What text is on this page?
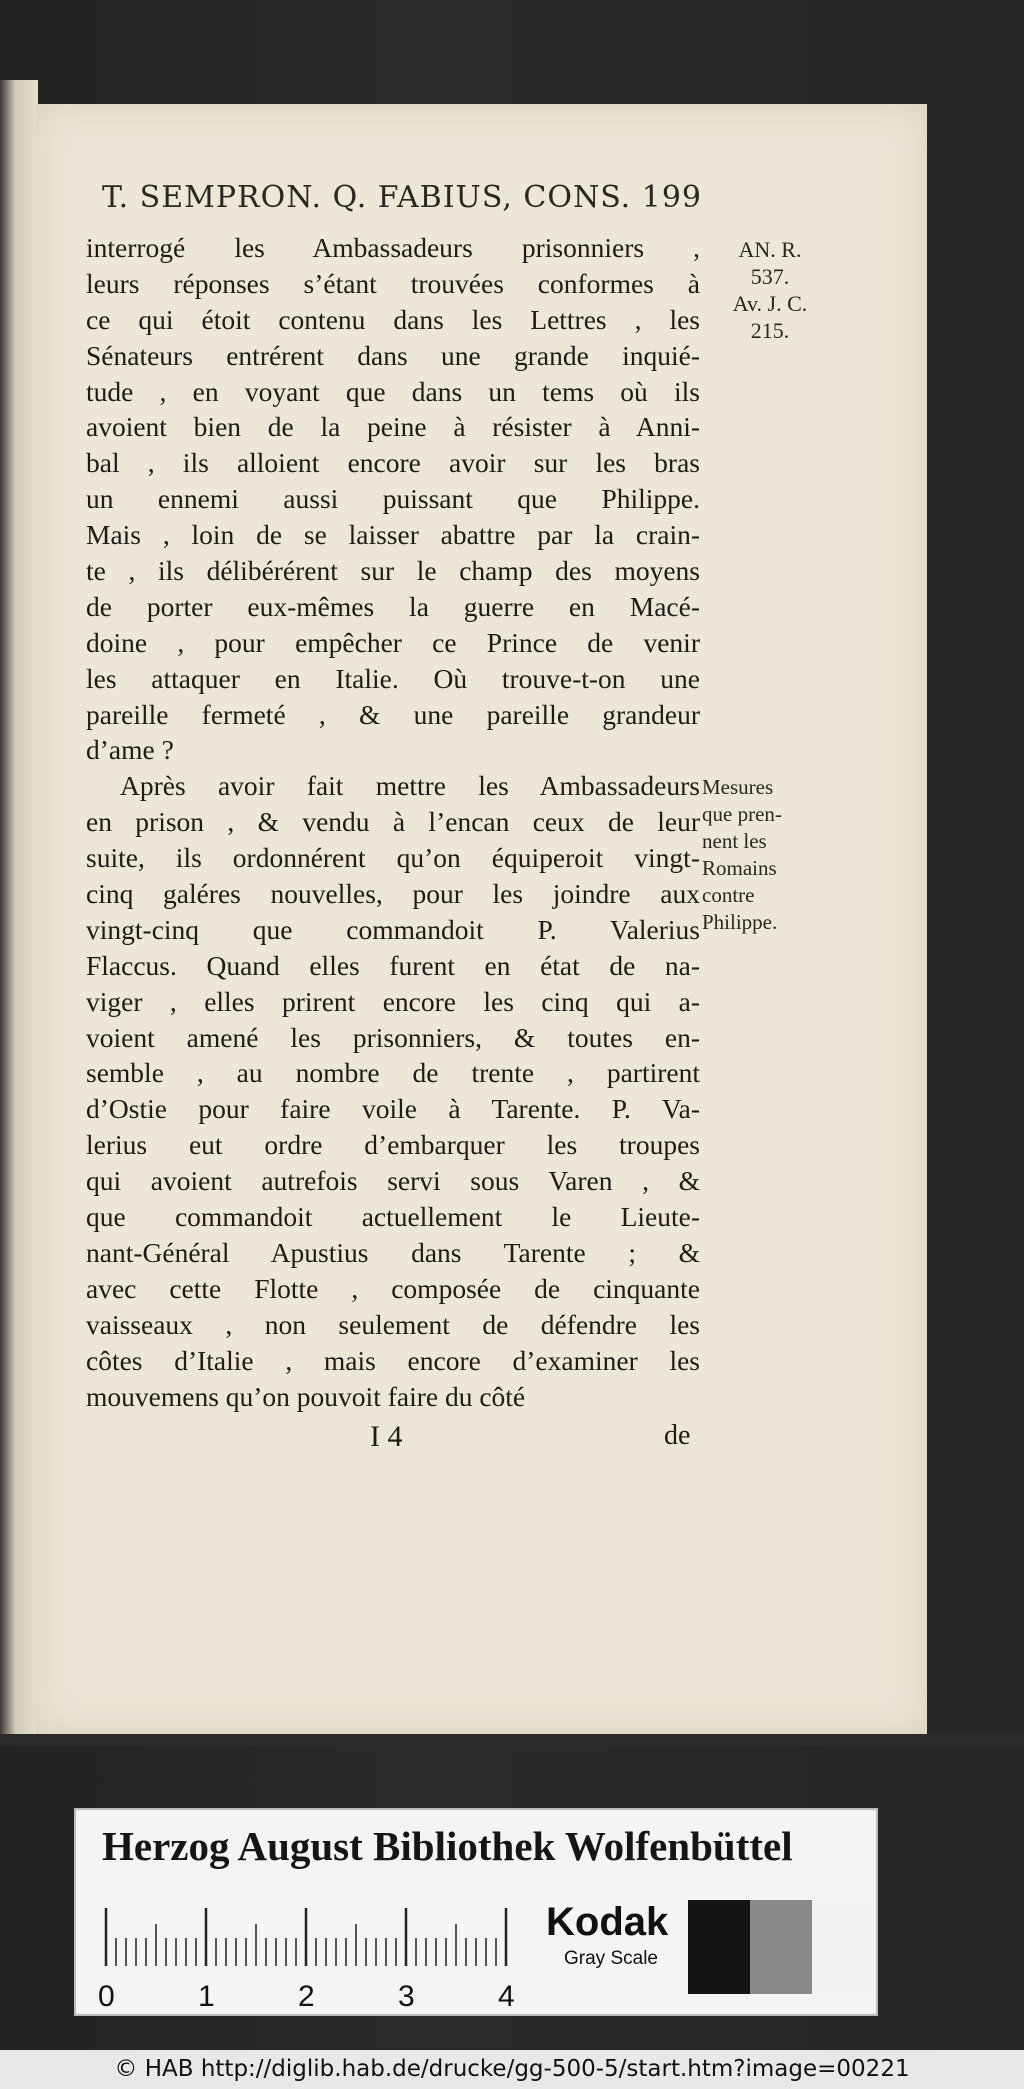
T. SEMPRON. Q. FABIUS, CONS. 199
interrogé les Ambassadeurs prisonniers ,
leurs réponses s’étant trouvées conformes à
ce qui étoit contenu dans les Lettres , les
Sénateurs entrérent dans une grande inquié-
tude , en voyant que dans un tems où ils
avoient bien de la peine à résister à Anni-
bal , ils alloient encore avoir sur les bras
un ennemi aussi puissant que Philippe.
Mais , loin de se laisser abattre par la crain-
te , ils délibérérent sur le champ des moyens
de porter eux-mêmes la guerre en Macé-
doine , pour empêcher ce Prince de venir
les attaquer en Italie. Où trouve-t-on une
pareille fermeté , & une pareille grandeur
d’ame ?
Après avoir fait mettre les Ambassadeurs
en prison , & vendu à l’encan ceux de leur
suite, ils ordonnérent qu’on équiperoit vingt-
cinq galéres nouvelles, pour les joindre aux
vingt-cinq que commandoit P. Valerius
Flaccus. Quand elles furent en état de na-
viger , elles prirent encore les cinq qui a-
voient amené les prisonniers, & toutes en-
semble , au nombre de trente , partirent
d’Ostie pour faire voile à Tarente. P. Va-
lerius eut ordre d’embarquer les troupes
qui avoient autrefois servi sous Varen , &
que commandoit actuellement le Lieute-
nant-Général Apustius dans Tarente ; &
avec cette Flotte , composée de cinquante
vaisseaux , non seulement de défendre les
côtes d’Italie , mais encore d’examiner les
mouvemens qu’on pouvoit faire du côté
AN. R.
537.
Av. J. C.
215.
Mesures
que pren-
nent les
Romains
contre
Philippe.
I 4	de
Herzog August Bibliothek Wolfenbüttel
0	1	2	3	4
Kodak
Gray Scale
© HAB http://diglib.hab.de/drucke/gg-500-5/start.htm?image=00221
